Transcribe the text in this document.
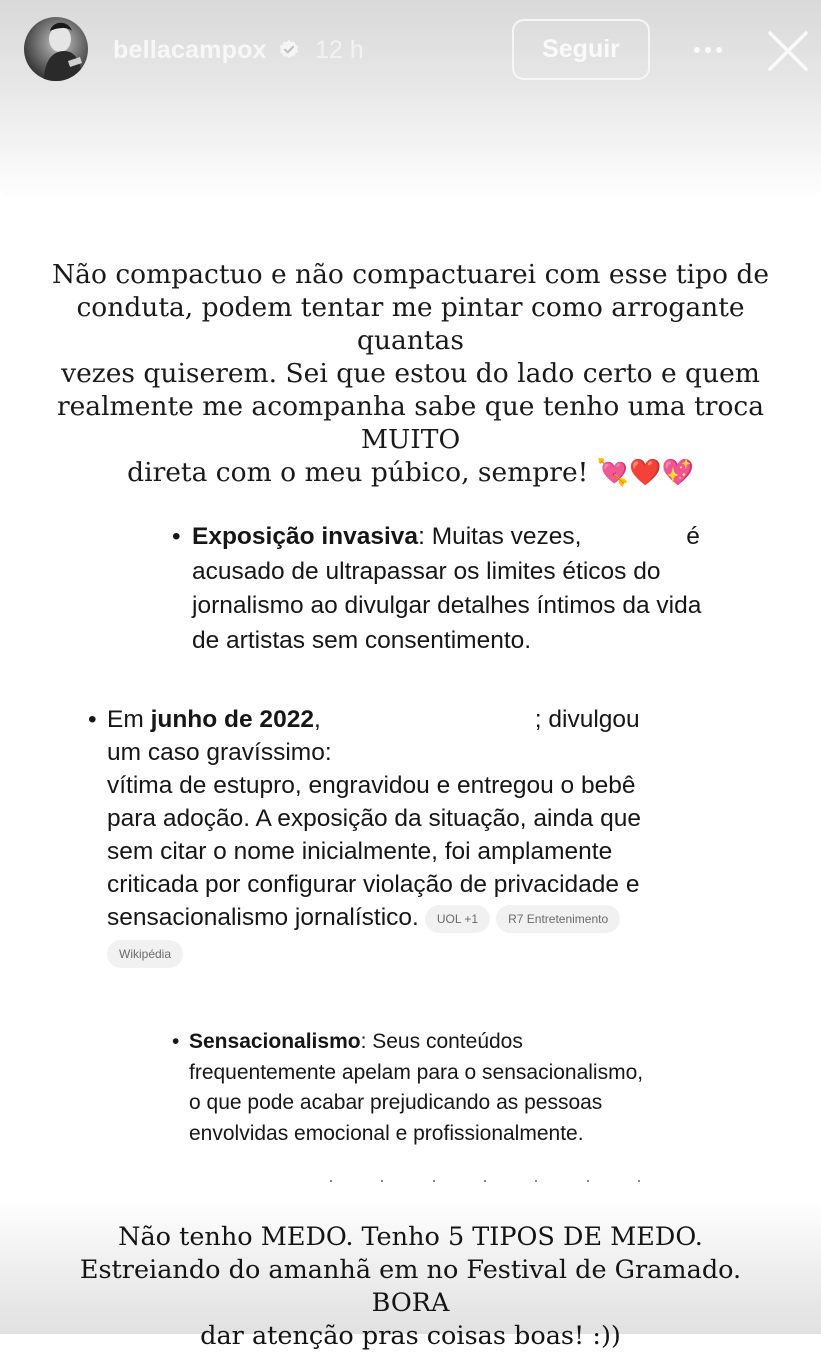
bellacampox 12 h	Seguir
Não compactuo e não compactuarei com esse tipo de
conduta, podem tentar me pintar como arrogante quantas
vezes quiserem. Sei que estou do lado certo e quem
realmente me acompanha sabe que tenho uma troca MUITO
direta com o meu púbico, sempre! 💘❤️💖
• Exposição invasiva: Muitas vezes,	é
acusado de ultrapassar os limites éticos do
jornalismo ao divulgar detalhes íntimos da vida
de artistas sem consentimento.
• Em junho de 2022,	; divulgou
um caso gravíssimo:
vítima de estupro, engravidou e entregou o bebê
para adoção. A exposição da situação, ainda que
sem citar o nome inicialmente, foi amplamente
criticada por configurar violação de privacidade e
sensacionalismo jornalístico. UOL +1	R7 Entretenimento
Wikipédia
• Sensacionalismo: Seus conteúdos
frequentemente apelam para o sensacionalismo,
o que pode acabar prejudicando as pessoas
envolvidas emocional e profissionalmente.
Não tenho MEDO. Tenho 5 TIPOS DE MEDO.
Estreiando do amanhã em no Festival de Gramado. BORA
dar atenção pras coisas boas! :))
